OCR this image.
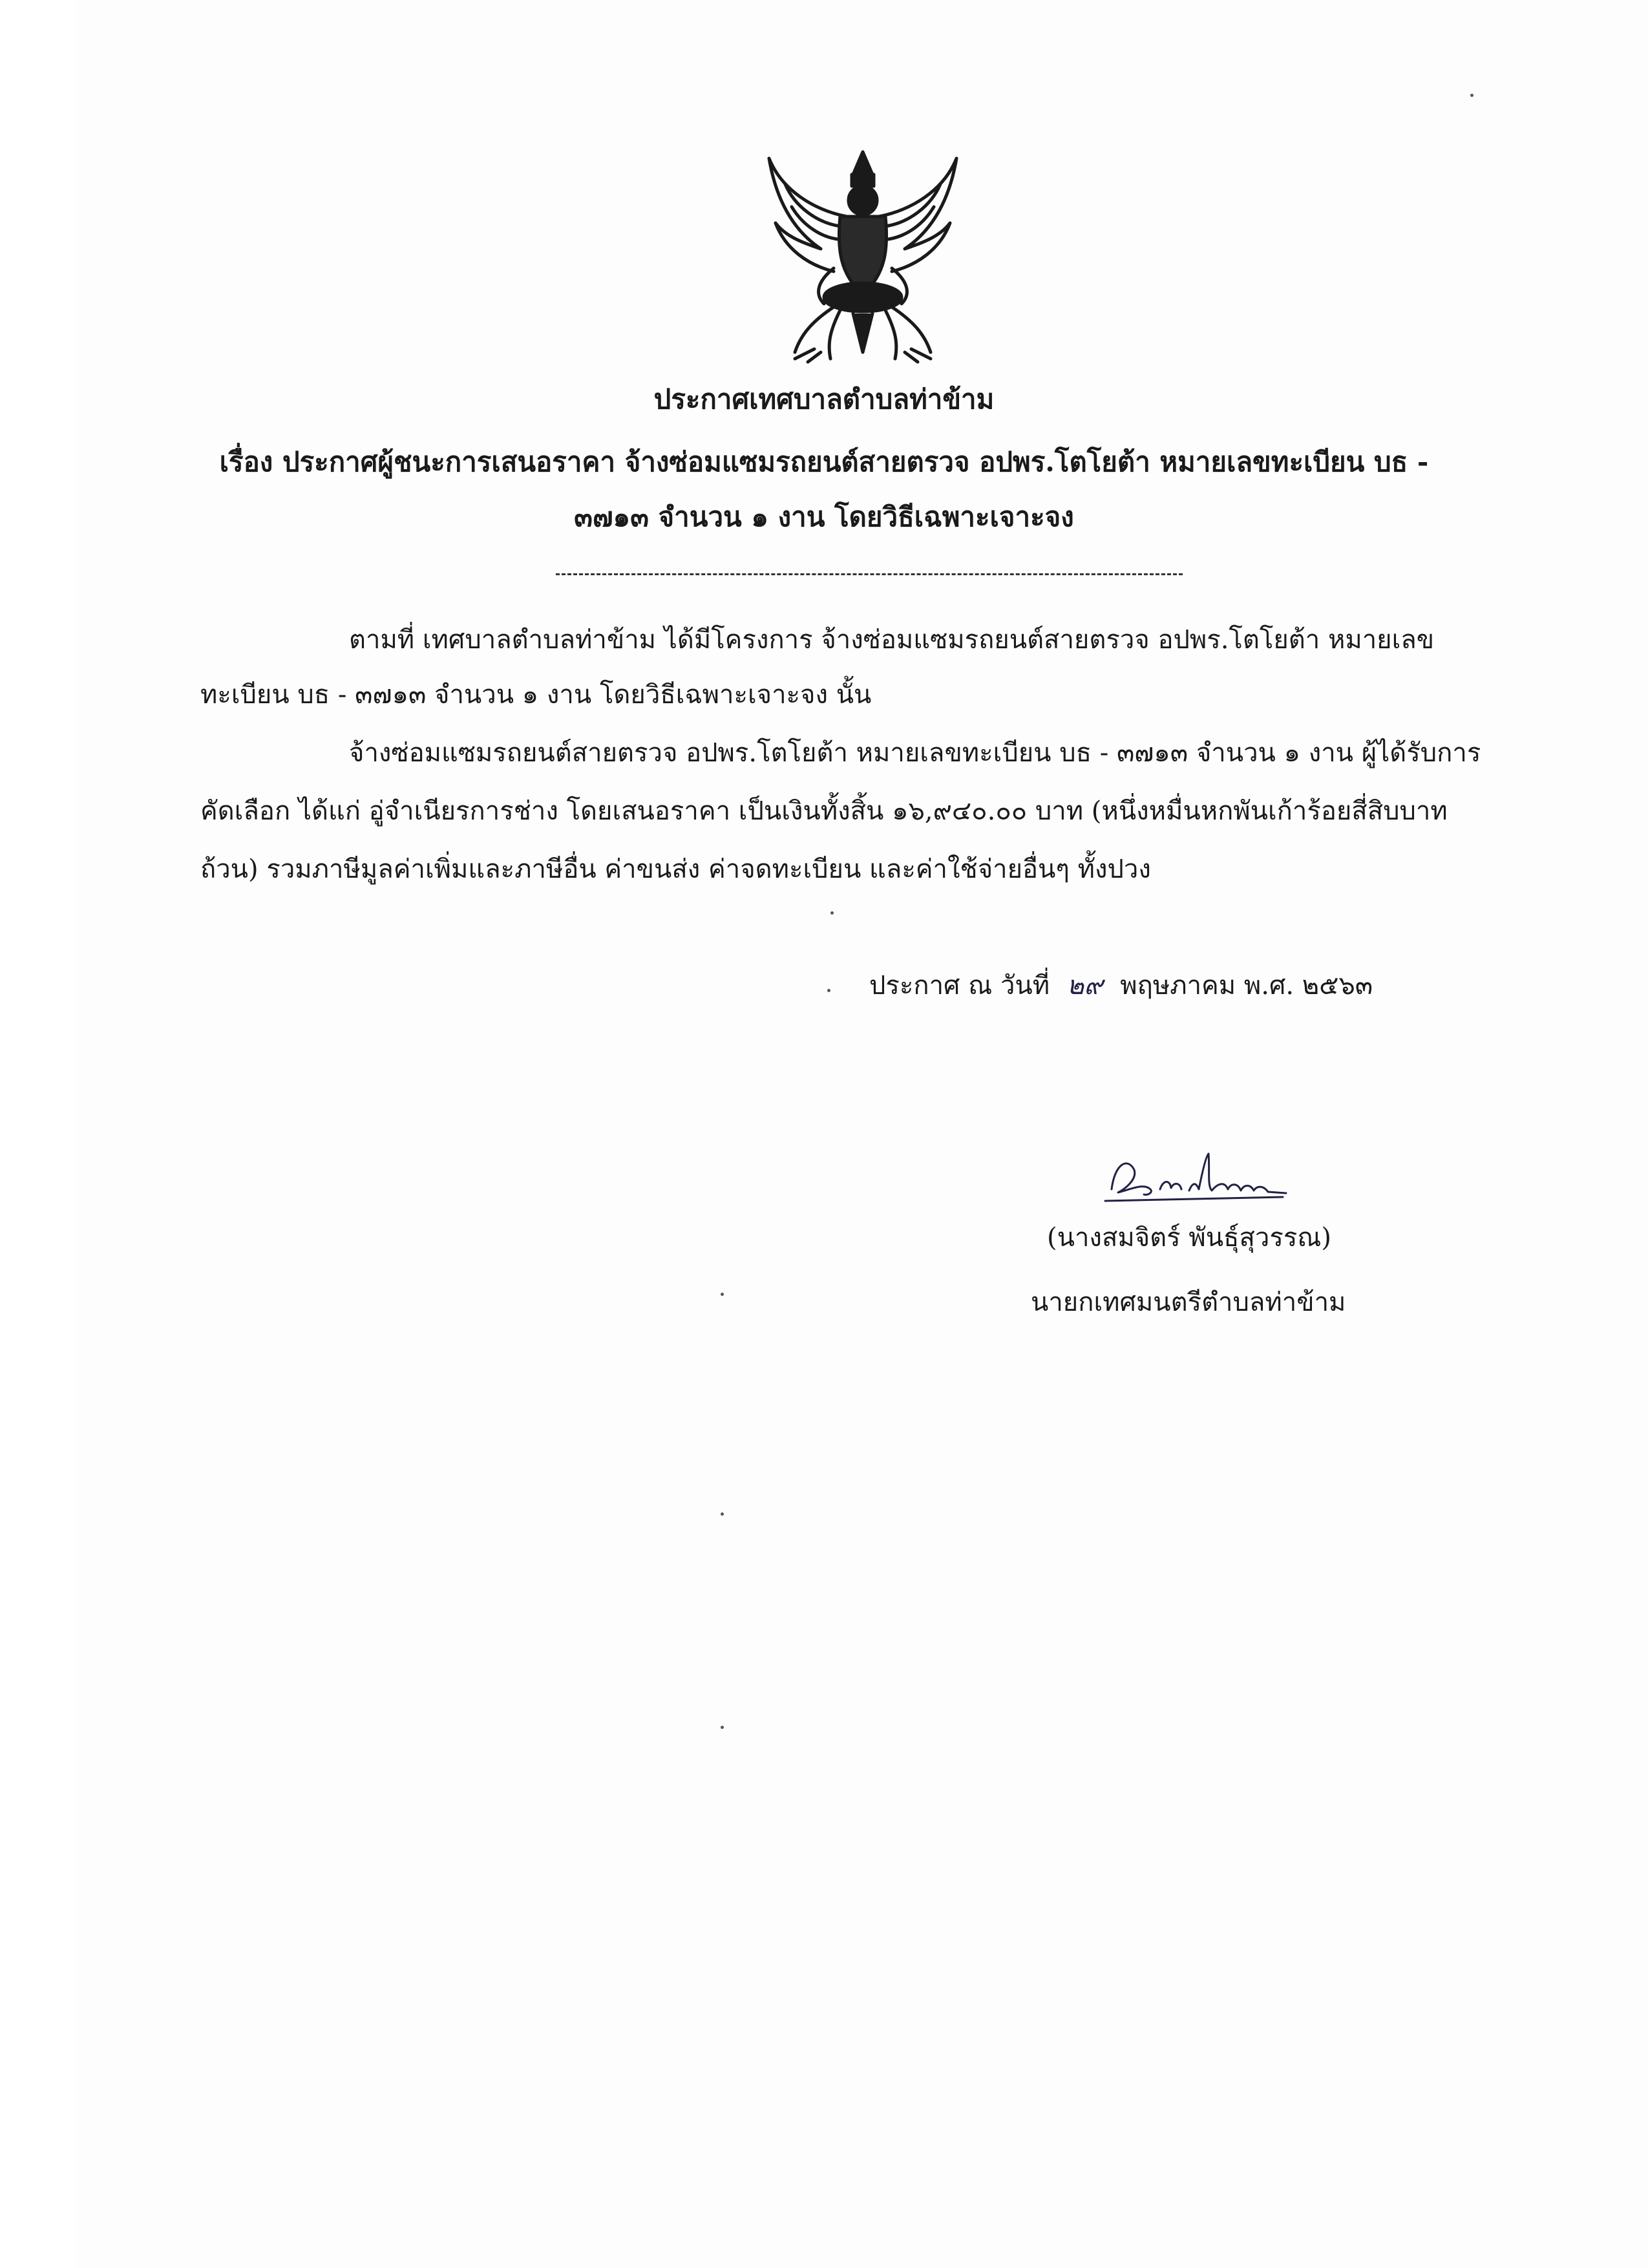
ประกาศเทศบาลตำบลท่าข้าม
เรื่อง ประกาศผู้ชนะการเสนอราคา จ้างซ่อมแซมรถยนต์สายตรวจ อปพร.โตโยต้า หมายเลขทะเบียน บธ -
๓๗๑๓ จำนวน ๑ งาน โดยวิธีเฉพาะเจาะจง
ตามที่ เทศบาลตำบลท่าข้าม ได้มีโครงการ จ้างซ่อมแซมรถยนต์สายตรวจ อปพร.โตโยต้า หมายเลข
ทะเบียน บธ - ๓๗๑๓ จำนวน ๑ งาน โดยวิธีเฉพาะเจาะจง นั้น
จ้างซ่อมแซมรถยนต์สายตรวจ อปพร.โตโยต้า หมายเลขทะเบียน บธ - ๓๗๑๓ จำนวน ๑ งาน ผู้ได้รับการ
คัดเลือก ได้แก่ อู่จำเนียรการช่าง โดยเสนอราคา เป็นเงินทั้งสิ้น ๑๖,๙๔๐.๐๐ บาท (หนึ่งหมื่นหกพันเก้าร้อยสี่สิบบาท
ถ้วน) รวมภาษีมูลค่าเพิ่มและภาษีอื่น ค่าขนส่ง ค่าจดทะเบียน และค่าใช้จ่ายอื่นๆ ทั้งปวง
ประกาศ ณ วันที่ ๒๙ พฤษภาคม พ.ศ. ๒๕๖๓
(นางสมจิตร์ พันธุ์สุวรรณ)
นายกเทศมนตรีตำบลท่าข้าม
